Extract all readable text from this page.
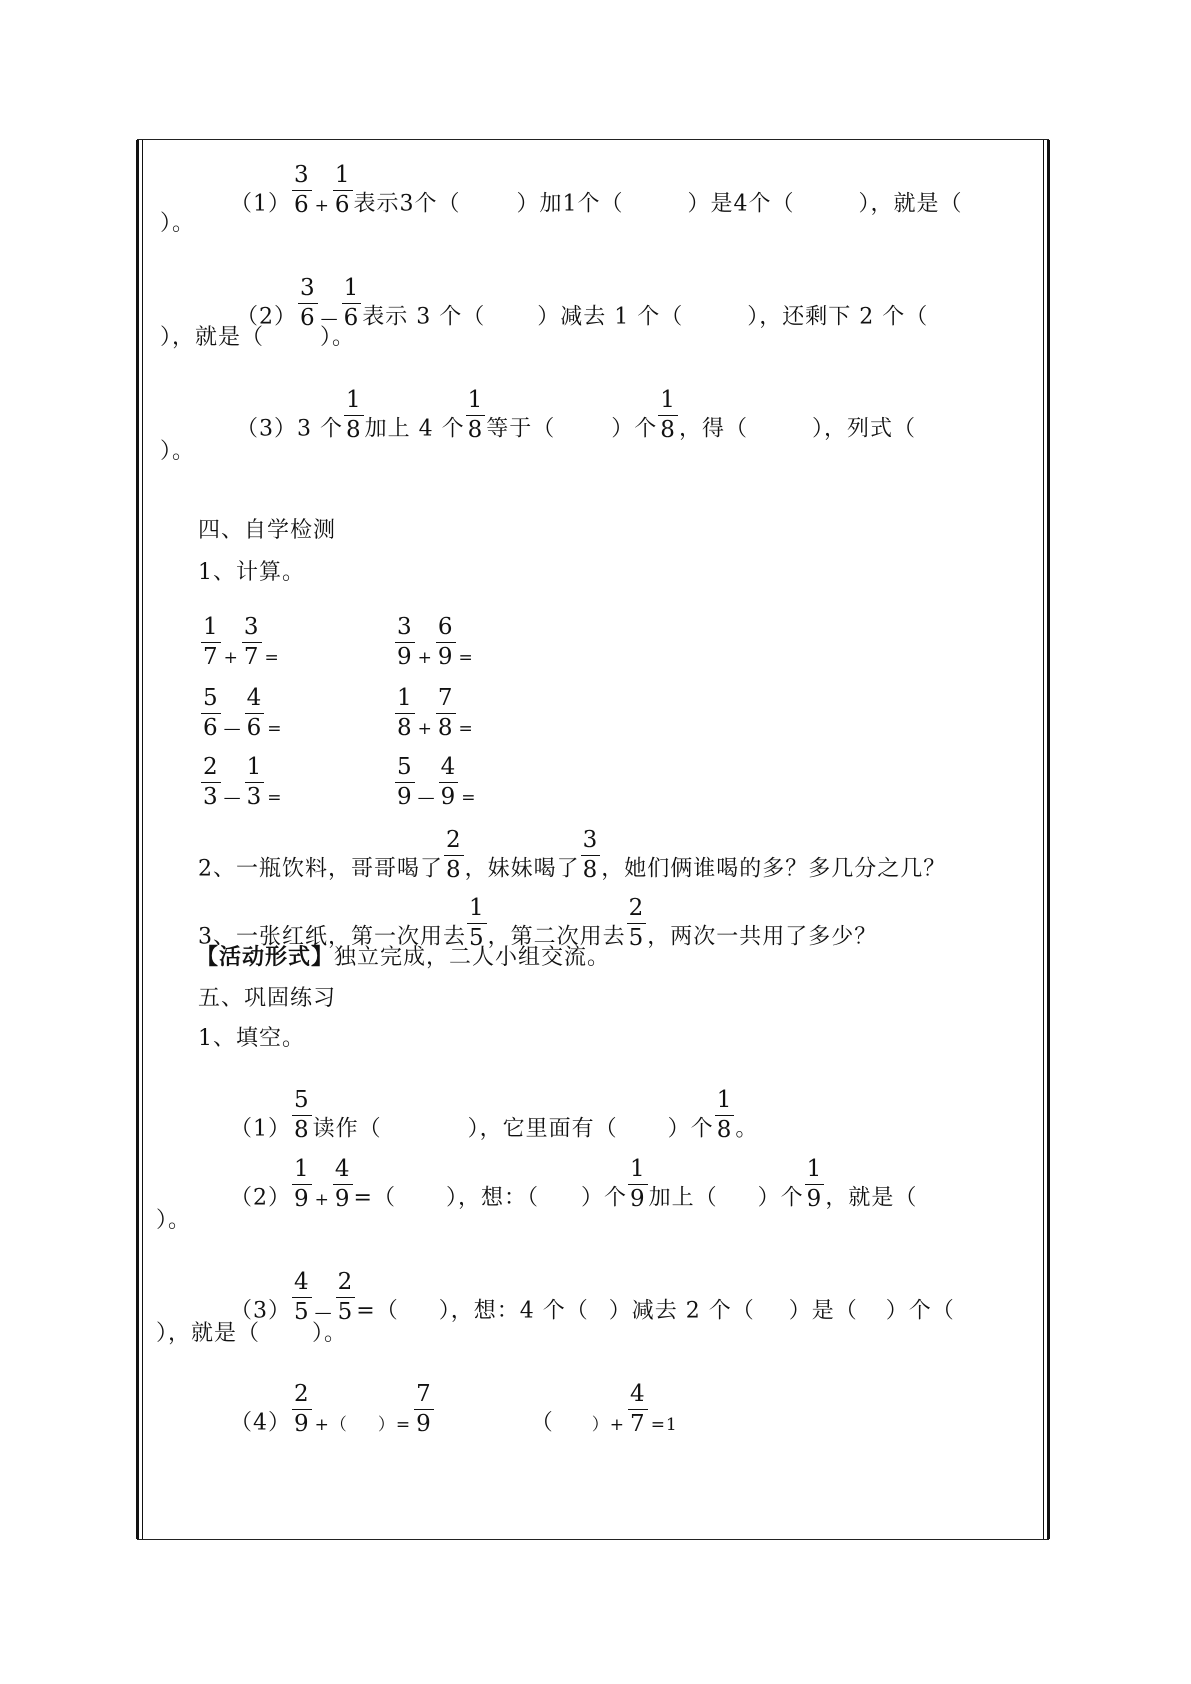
$(1) \frac{3}{6} + \frac{1}{6}$ 表示3个（	）加1个（	）是4个（	），就是（
）。
$(2) \frac{3}{6}$ — $\frac{1}{6}$ 表示 3 个（ ）减去 1 个（	），还剩下 2 个（
），就是（	）。
（3）3 个 $\frac{1}{8}$ 加上 4 个 $\frac{1}{8}$ 等于（	）个 $\frac{1}{8}$ ，得（	），列式（
）。
四、自学检测
1、计算。
$\frac{1}{7} + \frac{3}{7}$ =	$\frac{3}{9} + \frac{6}{9}$ =
$\frac{5}{6}$ — $\frac{4}{6}$ =	$\frac{1}{8} + \frac{7}{8}$ =
$\frac{2}{3}$ — $\frac{1}{3}$ =	$\frac{5}{9}$ — $\frac{4}{9}$ =
2、一瓶饮料，哥哥喝了 $\frac{2}{8}$ ，妹妹喝了 $\frac{3}{8}$ ，她们俩谁喝的多？多几分之几？
3、一张红纸，第一次用去 $\frac{1}{5}$ ，第二次用去 $\frac{2}{5}$ ，两次一共用了多少？
【活动形式】独立完成，二人小组交流。
五、巩固练习
1、填空。
$(1) \frac{5}{8}$ 读作（	），它里面有（ ）个 $\frac{1}{8}$ 。
$(2) \frac{1}{9} + \frac{4}{9}$ =（ ），想：（ ）个 $\frac{1}{9}$ 加上（ ）个 $\frac{1}{9}$ ，就是（
）。
$(3) \frac{4}{5}$ — $\frac{2}{5}$ =（ ），想：4 个（ ）减去 2 个（ ）是（ ）个（
），就是（ ）。
$(4) \frac{2}{9}$ +（ ）= $\frac{7}{9}$	（ ）+ $\frac{4}{7} =1$
